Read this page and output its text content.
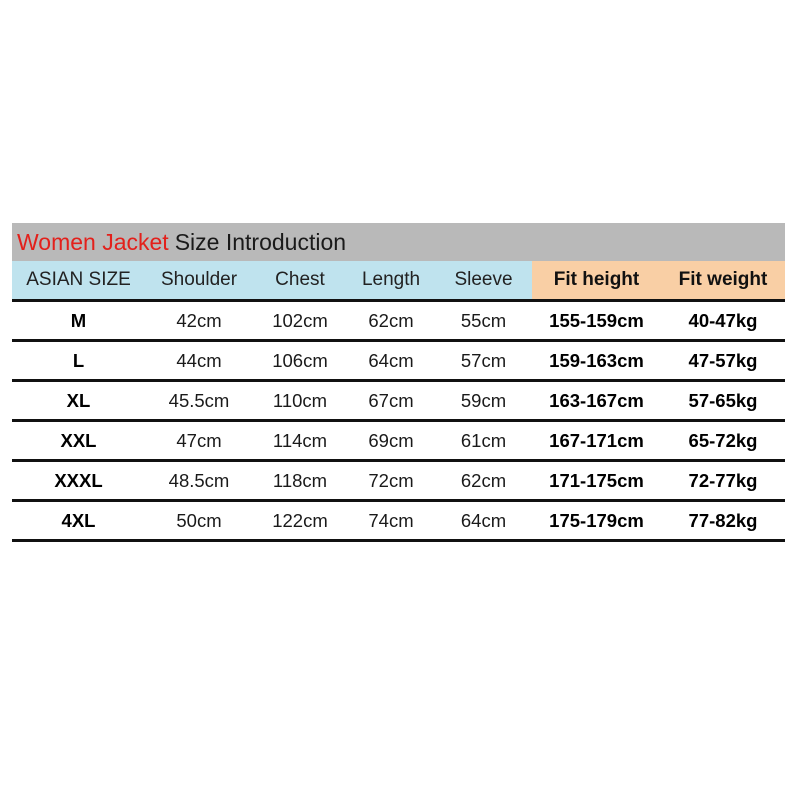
Women Jacket Size Introduction
ASIAN SIZE	Shoulder	Chest	Length	Sleeve	Fit height	Fit weight
M	42cm	102cm	62cm	55cm	155-159cm	40-47kg
L	44cm	106cm	64cm	57cm	159-163cm	47-57kg
XL	45.5cm	110cm	67cm	59cm	163-167cm	57-65kg
XXL	47cm	114cm	69cm	61cm	167-171cm	65-72kg
XXXL	48.5cm	118cm	72cm	62cm	171-175cm	72-77kg
4XL	50cm	122cm	74cm	64cm	175-179cm	77-82kg
